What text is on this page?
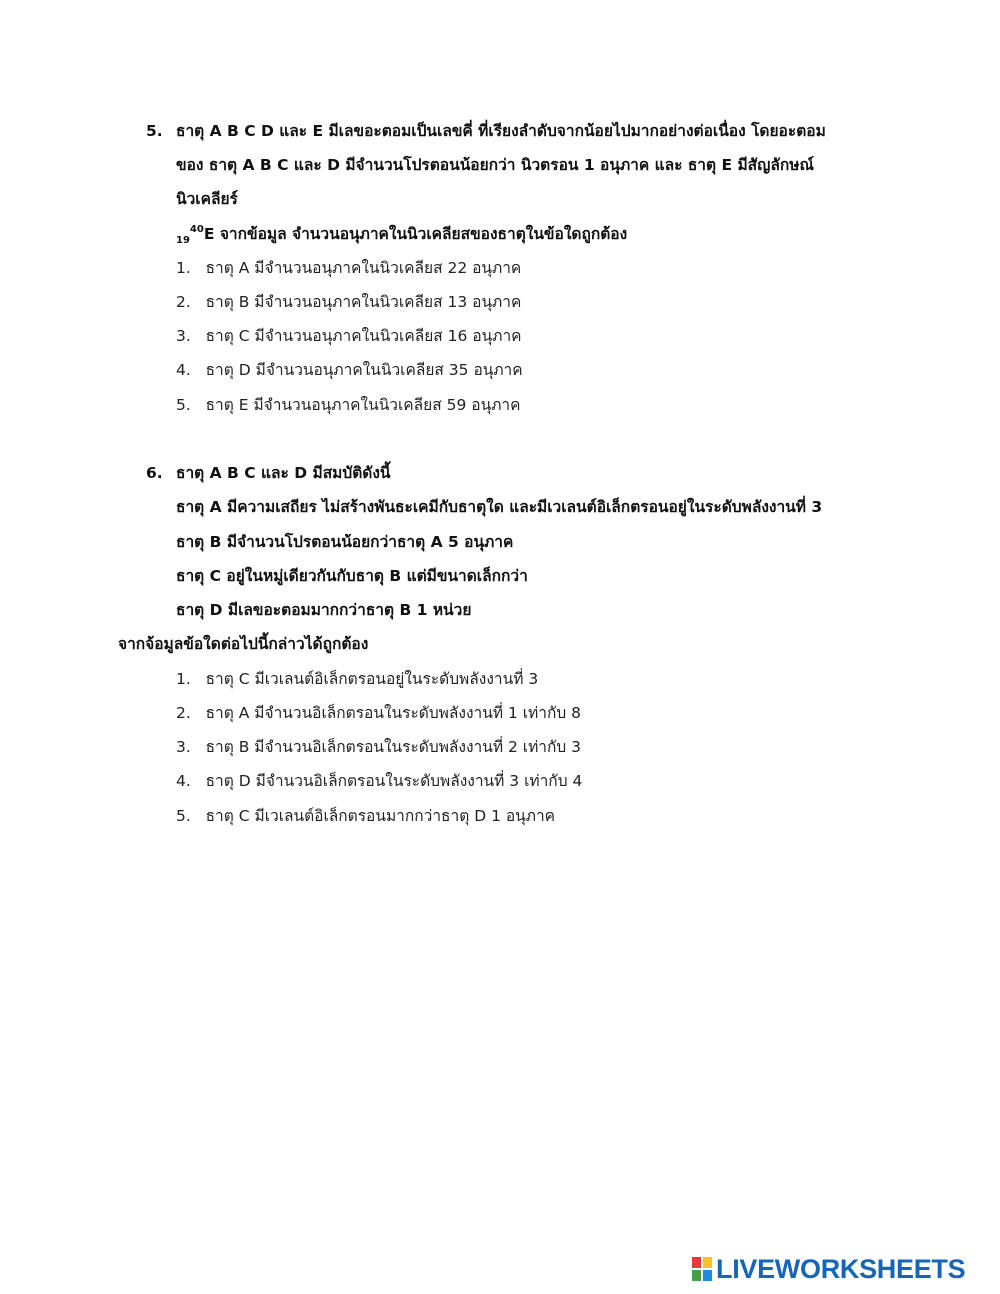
5. ธาตุ A B C D และ E มีเลขอะตอมเป็นเลขคี่ ที่เรียงลำดับจากน้อยไปมากอย่างต่อเนื่อง โดยอะตอม
ของ ธาตุ A B C และ D มีจำนวนโปรตอนน้อยกว่า นิวตรอน 1 อนุภาค และ ธาตุ E มีสัญลักษณ์
นิวเคลียร์
$_{19}^{40}$E จากข้อมูล จำนวนอนุภาคในนิวเคลียสของธาตุในข้อใดถูกต้อง
1. ธาตุ A มีจำนวนอนุภาคในนิวเคลียส 22 อนุภาค
2. ธาตุ B มีจำนวนอนุภาคในนิวเคลียส 13 อนุภาค
3. ธาตุ C มีจำนวนอนุภาคในนิวเคลียส 16 อนุภาค
4. ธาตุ D มีจำนวนอนุภาคในนิวเคลียส 35 อนุภาค
5. ธาตุ E มีจำนวนอนุภาคในนิวเคลียส 59 อนุภาค
6. ธาตุ A B C และ D มีสมบัติดังนี้
ธาตุ A มีความเสถียร ไม่สร้างพันธะเคมีกับธาตุใด และมีเวเลนต์อิเล็กตรอนอยู่ในระดับพลังงานที่ 3
ธาตุ B มีจำนวนโปรตอนน้อยกว่าธาตุ A 5 อนุภาค
ธาตุ C อยู่ในหมู่เดียวกันกับธาตุ B แต่มีขนาดเล็กกว่า
ธาตุ D มีเลขอะตอมมากกว่าธาตุ B 1 หน่วย
จากจ้อมูลข้อใดต่อไปนี้กล่าวได้ถูกต้อง
1. ธาตุ C มีเวเลนต์อิเล็กตรอนอยู่ในระดับพลังงานที่ 3
2. ธาตุ A มีจำนวนอิเล็กตรอนในระดับพลังงานที่ 1 เท่ากับ 8
3. ธาตุ B มีจำนวนอิเล็กตรอนในระดับพลังงานที่ 2 เท่ากับ 3
4. ธาตุ D มีจำนวนอิเล็กตรอนในระดับพลังงานที่ 3 เท่ากับ 4
5. ธาตุ C มีเวเลนต์อิเล็กตรอนมากกว่าธาตุ D 1 อนุภาค
LIVEWORKSHEETS
